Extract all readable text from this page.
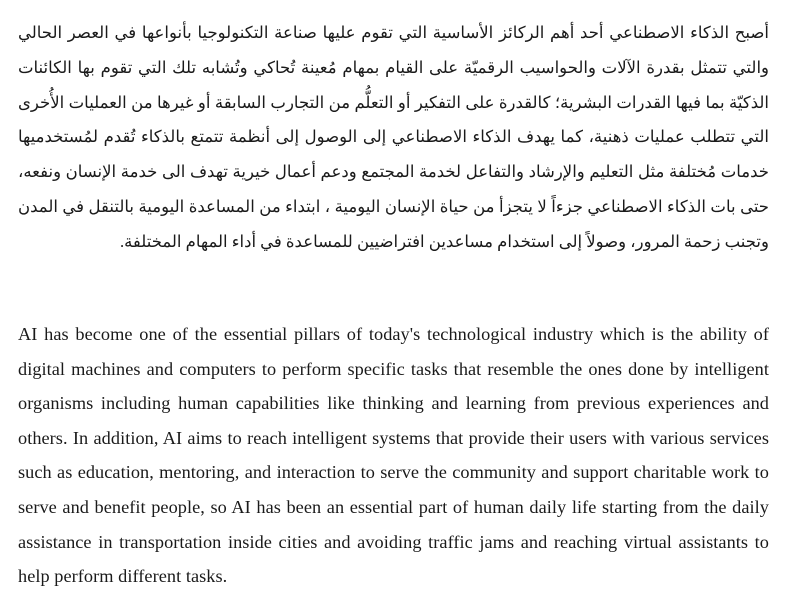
أصبح الذكاء الاصطناعي أحد أهم الركائز الأساسية التي تقوم عليها صناعة التكنولوجيا بأنواعها في العصر الحالي والتي تتمثل بقدرة الآلات والحواسيب الرقميّة على القيام بمهام مُعينة تُحاكي وتُشابه تلك التي تقوم بها الكائنات الذكيّة بما فيها القدرات البشرية؛ كالقدرة على التفكير أو التعلُّم من التجارب السابقة أو غيرها من العمليات الأُخرى التي تتطلب عمليات ذهنية، كما يهدف الذكاء الاصطناعي إلى الوصول إلى أنظمة تتمتع بالذكاء تُقدم لمُستخدميها خدمات مُختلفة مثل التعليم والإرشاد والتفاعل لخدمة المجتمع ودعم أعمال خيرية تهدف الى خدمة الإنسان ونفعه، حتى بات الذكاء الاصطناعي جزءاً لا يتجزأ من حياة الإنسان اليومية ، ابتداء من المساعدة اليومية بالتنقل في المدن وتجنب زحمة المرور، وصولاً إلى استخدام مساعدين افتراضيين للمساعدة في أداء المهام المختلفة.

AI has become one of the essential pillars of today's technological industry which is the ability of digital machines and computers to perform specific tasks that resemble the ones done by intelligent organisms including human capabilities like thinking and learning from previous experiences and others. In addition, AI aims to reach intelligent systems that provide their users with various services such as education, mentoring, and interaction to serve the community and support charitable work to serve and benefit people, so AI has been an essential part of human daily life starting from the daily assistance in transportation inside cities and avoiding traffic jams and reaching virtual assistants to help perform different tasks.
